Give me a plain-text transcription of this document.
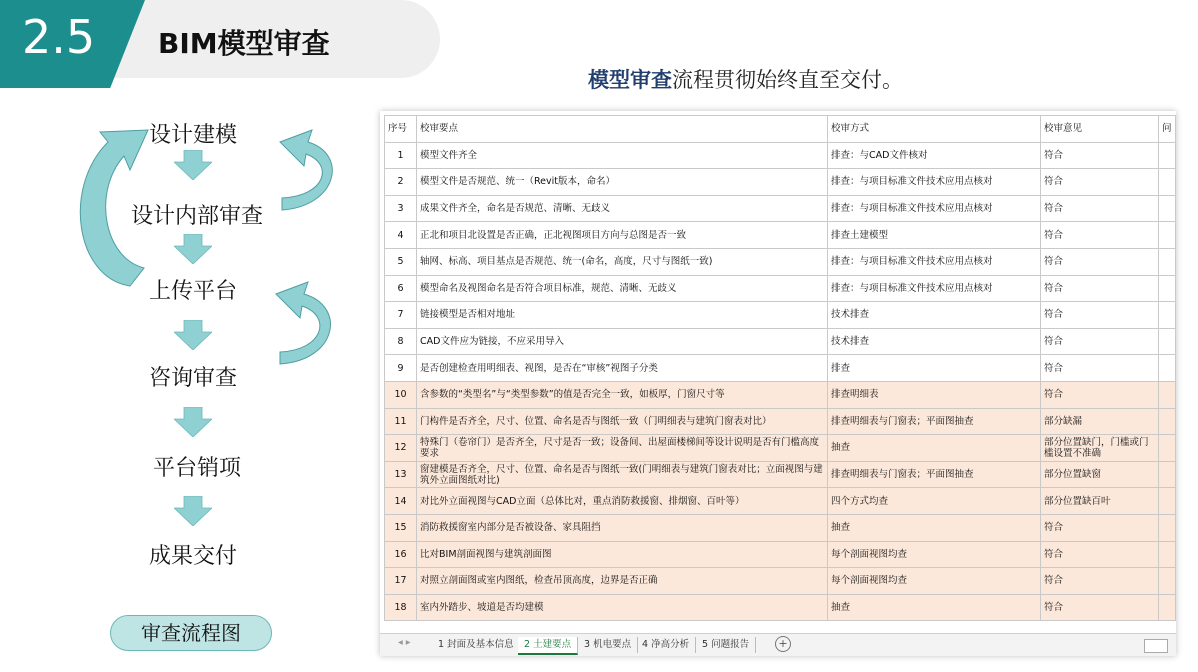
2.5 BIM模型审查
模型审查流程贯彻始终直至交付。
设计建模
设计内部审查
上传平台
咨询审查
平台销项
成果交付
审查流程图
序号	校审要点	校审方式	校审意见	问
1	模型文件齐全	排查：与CAD文件核对	符合	
2	模型文件是否规范、统一（Revit版本，命名）	排查：与项目标准文件技术应用点核对	符合	
3	成果文件齐全，命名是否规范、清晰、无歧义	排查：与项目标准文件技术应用点核对	符合	
4	正北和项目北设置是否正确，正北视图项目方向与总图是否一致	排查土建模型	符合	
5	轴网、标高、项目基点是否规范、统一(命名，高度，尺寸与图纸一致)	排查：与项目标准文件技术应用点核对	符合	
6	模型命名及视图命名是否符合项目标准，规范、清晰、无歧义	排查：与项目标准文件技术应用点核对	符合	
7	链接模型是否相对地址	技术排查	符合	
8	CAD文件应为链接，不应采用导入	技术排查	符合	
9	是否创建检查用明细表、视图，是否在“审核”视图子分类	排查	符合	
10	含参数的“类型名”与“类型参数”的值是否完全一致，如板厚，门窗尺寸等	排查明细表	符合	
11	门构件是否齐全，尺寸、位置、命名是否与图纸一致（门明细表与建筑门窗表对比）	排查明细表与门窗表；平面图抽查	部分缺漏	
12	特殊门（卷帘门）是否齐全，尺寸是否一致；设备间、出屋面楼梯间等设计说明是否有门槛高度要求	抽查	部分位置缺门，门槛或门槛设置不准确	
13	窗建模是否齐全，尺寸、位置、命名是否与图纸一致(门明细表与建筑门窗表对比；立面视图与建筑外立面图纸对比)	排查明细表与门窗表；平面图抽查	部分位置缺窗	
14	对比外立面视图与CAD立面（总体比对，重点消防救援窗、排烟窗、百叶等）	四个方式均查	部分位置缺百叶	
15	消防救援窗室内部分是否被设备、家具阻挡	抽查	符合	
16	比对BIM剖面视图与建筑剖面图	每个剖面视图均查	符合	
17	对照立剖面图或室内图纸，检查吊顶高度，边界是否正确	每个剖面视图均查	符合	
18	室内外踏步、坡道是否均建模	抽查	符合	
◂ ▸	1 封面及基本信息	2 土建要点	3 机电要点	4 净高分析	5 问题报告	+
